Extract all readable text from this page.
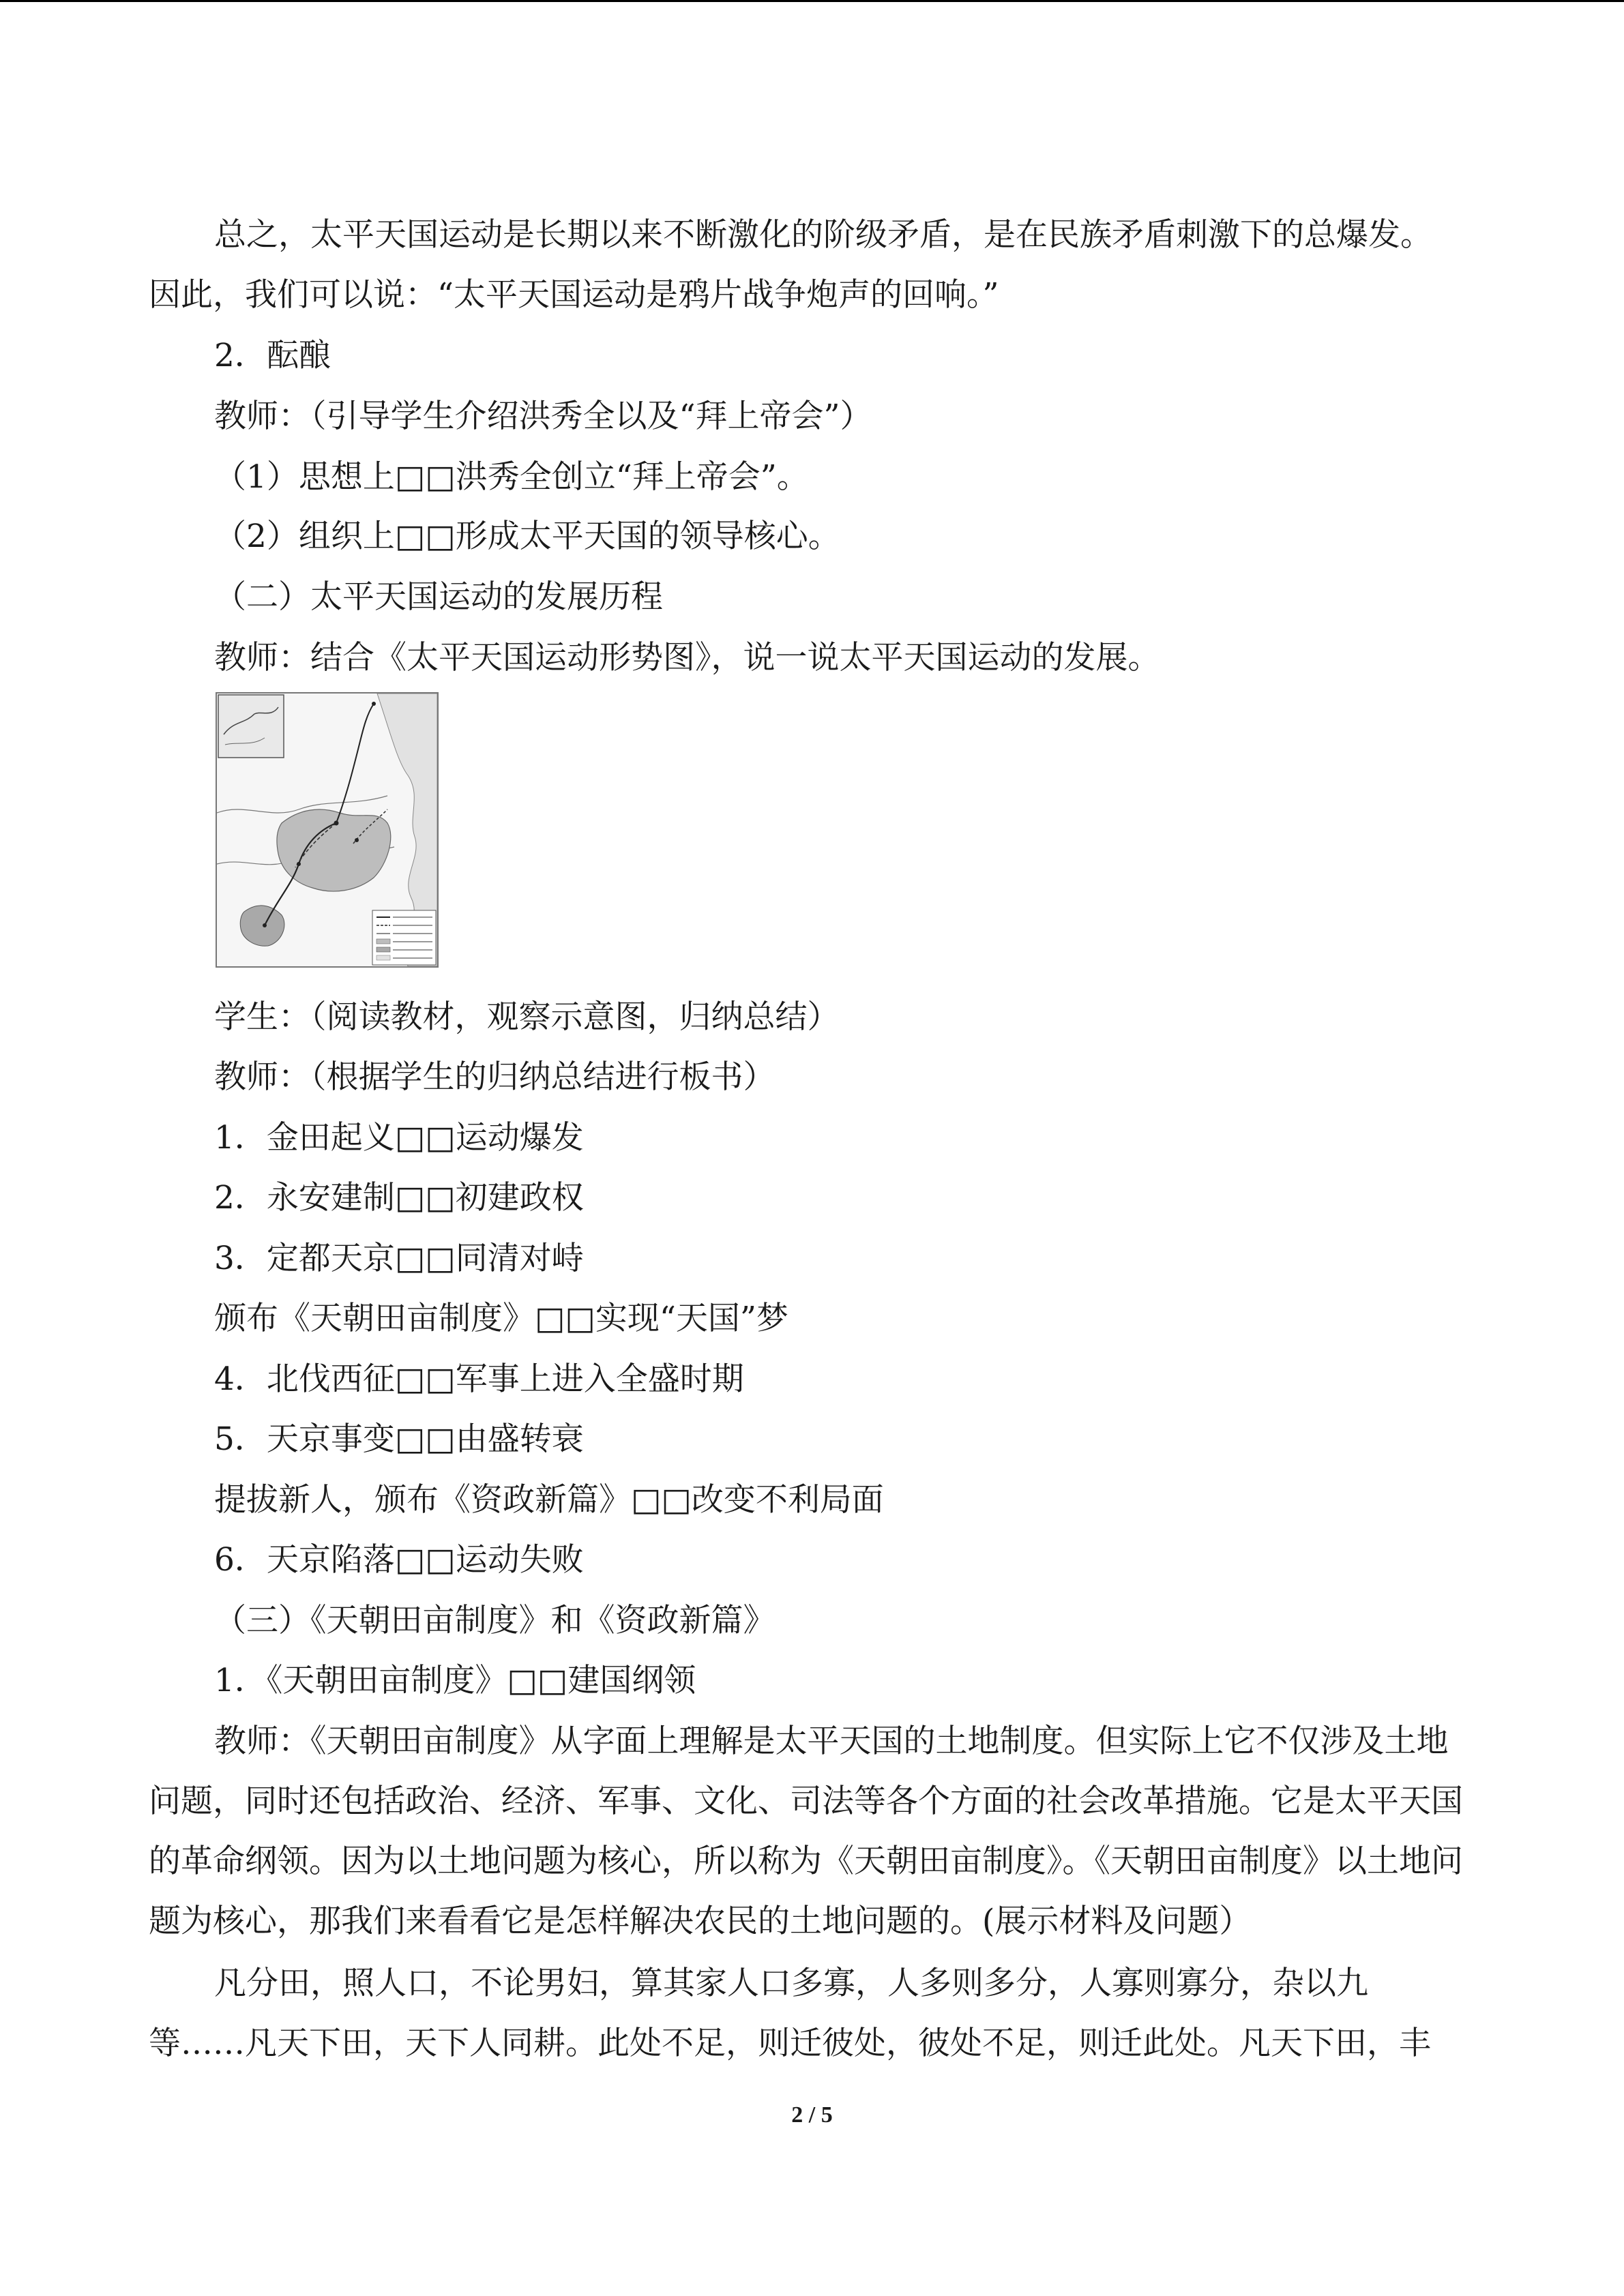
总之，太平天国运动是长期以来不断激化的阶级矛盾，是在民族矛盾刺激下的总爆发。
因此，我们可以说：“太平天国运动是鸦片战争炮声的回响。”
2．酝酿
教师：（引导学生介绍洪秀全以及“拜上帝会”）
（1）思想上□□洪秀全创立“拜上帝会”。
（2）组织上□□形成太平天国的领导核心。
（二）太平天国运动的发展历程
教师：结合《太平天国运动形势图》，说一说太平天国运动的发展。
学生：（阅读教材，观察示意图，归纳总结）
教师：（根据学生的归纳总结进行板书）
1．金田起义□□运动爆发
2．永安建制□□初建政权
3．定都天京□□同清对峙
颁布《天朝田亩制度》□□实现“天国”梦
4．北伐西征□□军事上进入全盛时期
5．天京事变□□由盛转衰
提拔新人，颁布《资政新篇》□□改变不利局面
6．天京陷落□□运动失败
（三）《天朝田亩制度》和《资政新篇》
1．《天朝田亩制度》□□建国纲领
教师：《天朝田亩制度》从字面上理解是太平天国的土地制度。但实际上它不仅涉及土地问题，同时还包括政治、经济、军事、文化、司法等各个方面的社会改革措施。它是太平天国的革命纲领。因为以土地问题为核心，所以称为《天朝田亩制度》。《天朝田亩制度》以土地问题为核心，那我们来看看它是怎样解决农民的土地问题的。(展示材料及问题）
凡分田，照人口，不论男妇，算其家人口多寡，人多则多分，人寡则寡分，杂以九
等……凡天下田，天下人同耕。此处不足，则迁彼处，彼处不足，则迁此处。凡天下田，丰
2 / 5
